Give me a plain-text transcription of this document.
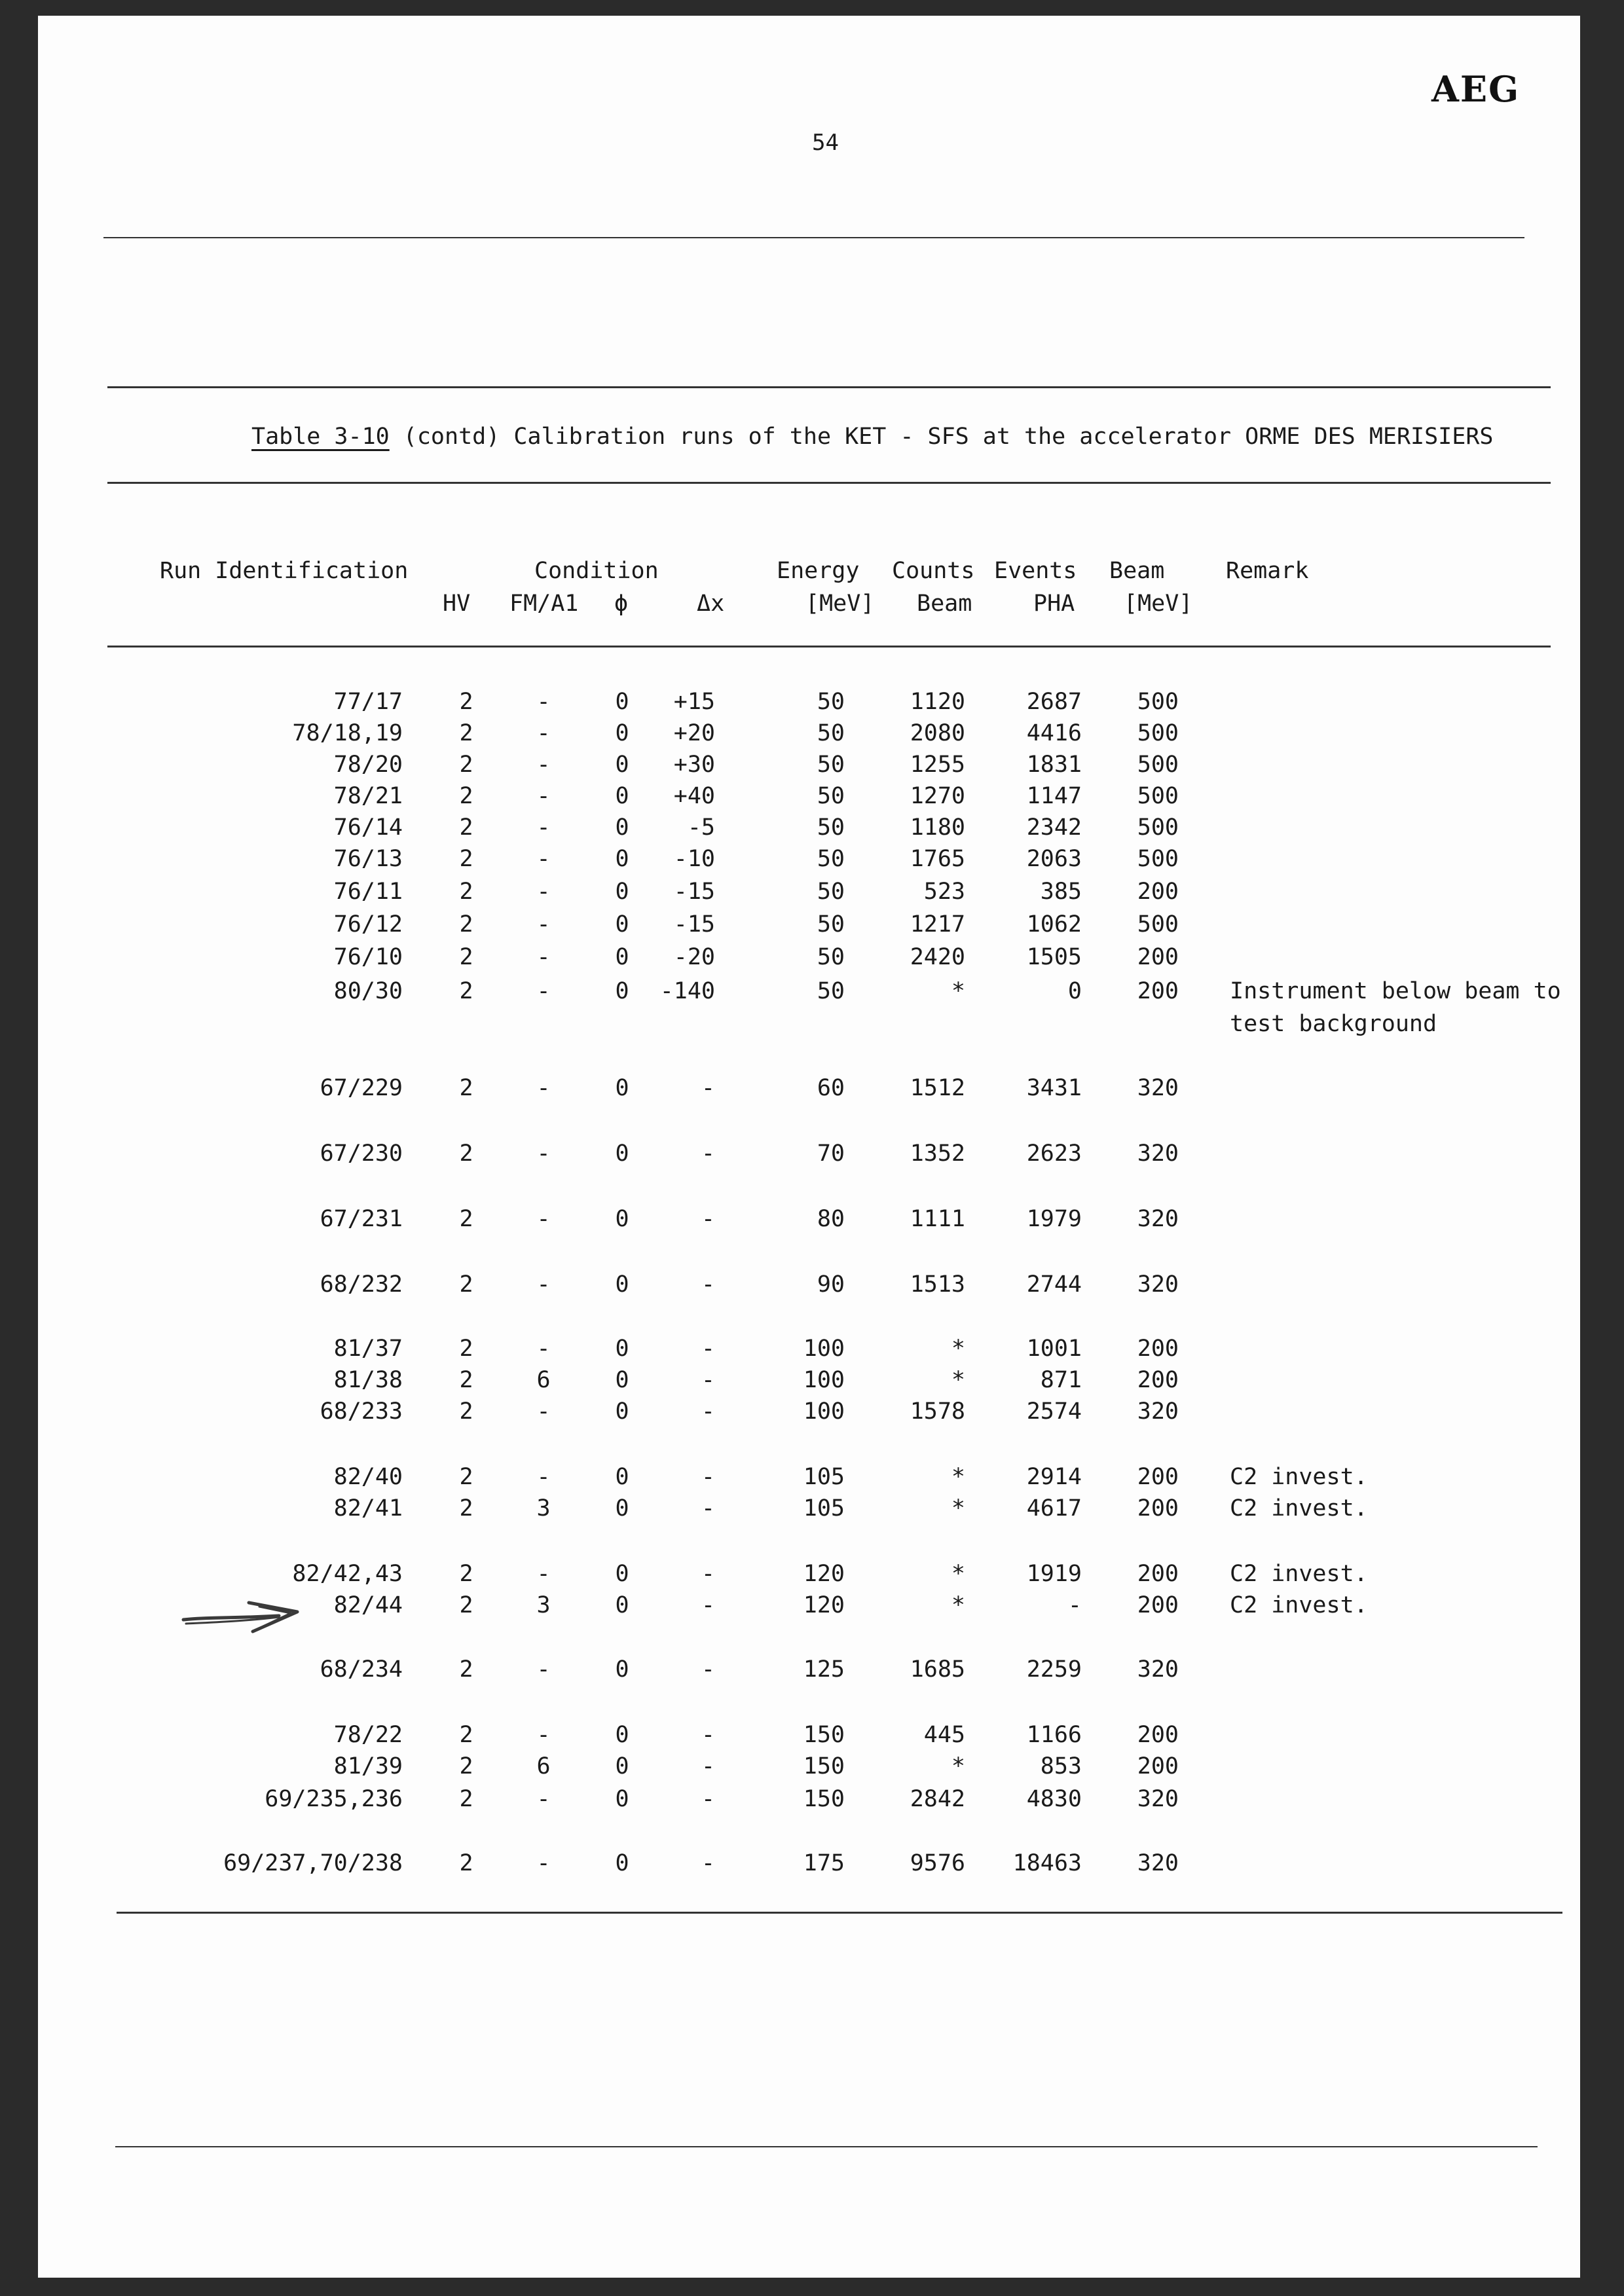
AEG
54
Table 3-10 (contd) Calibration runs of the KET - SFS at the accelerator ORME DES MERISIERS
Run Identification	Condition	Energy Counts Events Beam	Remark
HV FM/A1 ϕ	Δx	[MeV] Beam	PHA [MeV]
77/17	2	-	0	+15	50	1120	2687 500
78/18,19	2	-	0	+20	50	2080	4416 500
78/20	2	-	0	+30	50	1255	1831 500
78/21	2	-	0	+40	50	1270	1147 500
76/14	2	-	0	-5	50	1180	2342 500
76/13	2	-	0	-10	50	1765	2063 500
76/11	2	-	0	-15	50	523	385 200
76/12	2	-	0	-15	50	1217	1062 500
76/10	2	-	0	-20	50	2420	1505 200
80/30	2	-	0	-140	50	*	0 200 Instrument below beam to
test background
67/229	2	-	0	-	60	1512	3431 320
67/230	2	-	0	-	70	1352	2623 320
67/231	2	-	0	-	80	1111	1979 320
68/232	2	-	0	-	90	1513	2744 320
81/37	2	-	0	-	100	*	1001 200
81/38	2	6	0	-	100	*	871 200
68/233	2	-	0	-	100	1578	2574 320
82/40	2	-	0	-	105	*	2914 200 C2 invest.
82/41	2	3	0	-	105	*	4617 200 C2 invest.
82/42,43	2	-	0	-	120	*	1919 200 C2 invest.
82/44	2	3	0	-	120	*	- 200 C2 invest.
68/234	2	-	0	-	125	1685	2259 320
78/22	2	-	0	-	150	445	1166 200
81/39	2	6	0	-	150	*	853 200
69/235,236	2	-	0	-	150	2842	4830 320
69/237,70/238	2	-	0	-	175	9576 18463 320
